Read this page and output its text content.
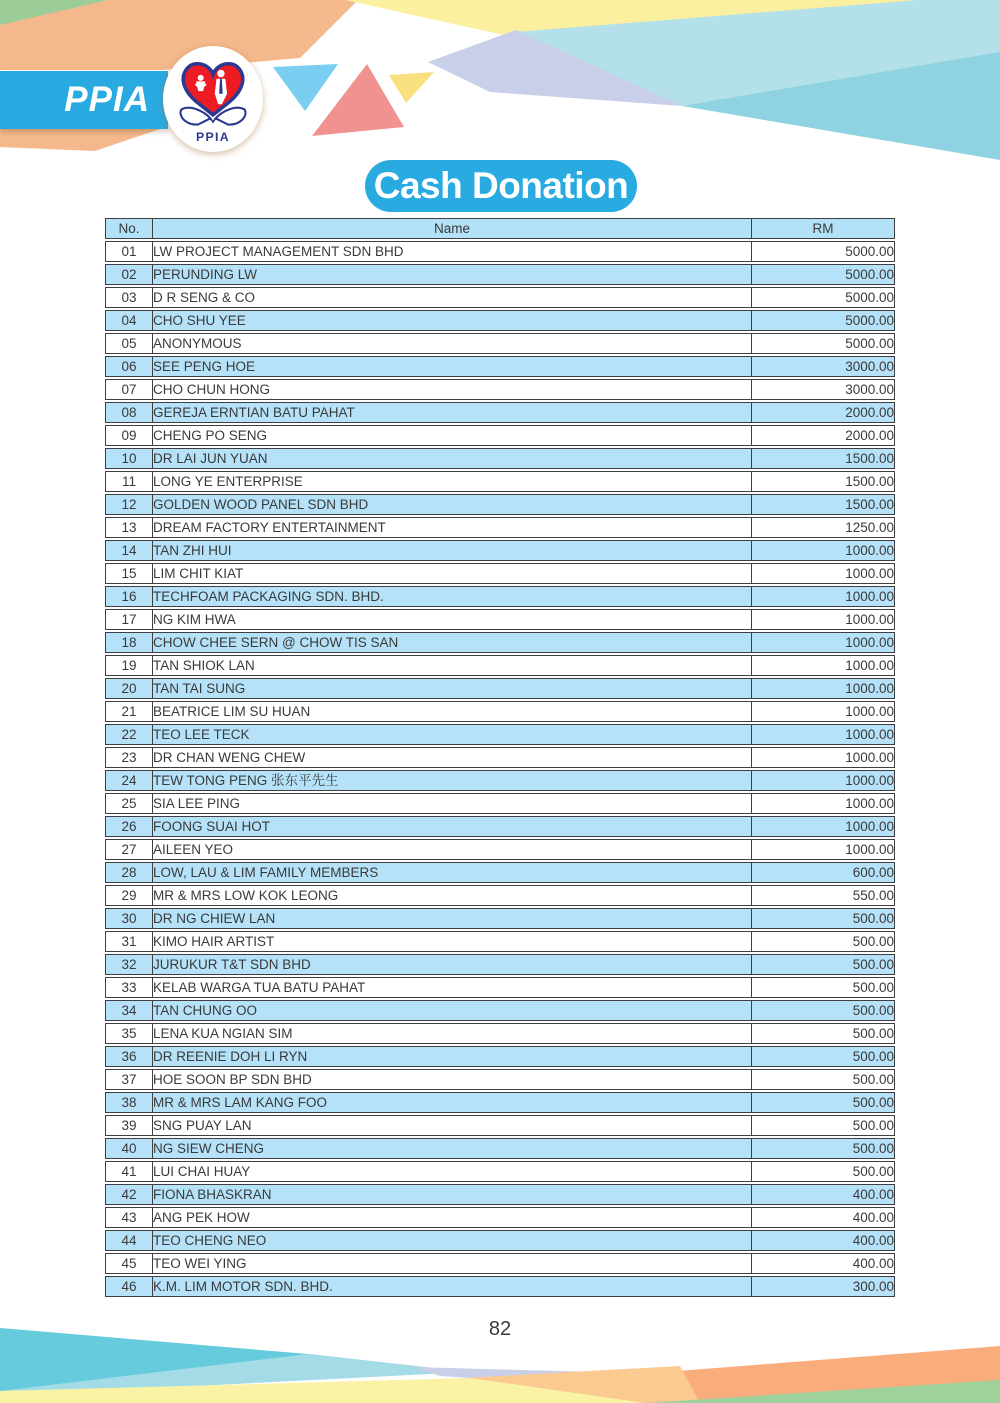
PPIA
PPIA
Cash Donation
No.	Name	RM
01	LW PROJECT MANAGEMENT SDN BHD	5000.00
02	PERUNDING LW	5000.00
03	D R SENG & CO	5000.00
04	CHO SHU YEE	5000.00
05	ANONYMOUS	5000.00
06	SEE PENG HOE	3000.00
07	CHO CHUN HONG	3000.00
08	GEREJA ERNTIAN BATU PAHAT	2000.00
09	CHENG PO SENG	2000.00
10	DR LAI JUN YUAN	1500.00
11	LONG YE ENTERPRISE	1500.00
12	GOLDEN WOOD PANEL SDN BHD	1500.00
13	DREAM FACTORY ENTERTAINMENT	1250.00
14	TAN ZHI HUI	1000.00
15	LIM CHIT KIAT	1000.00
16	TECHFOAM PACKAGING SDN. BHD.	1000.00
17	NG KIM HWA	1000.00
18	CHOW CHEE SERN @ CHOW TIS SAN	1000.00
19	TAN SHIOK LAN	1000.00
20	TAN TAI SUNG	1000.00
21	BEATRICE LIM SU HUAN	1000.00
22	TEO LEE TECK	1000.00
23	DR CHAN WENG CHEW	1000.00
24	TEW TONG PENG 张东平先生	1000.00
25	SIA LEE PING	1000.00
26	FOONG SUAI HOT	1000.00
27	AILEEN YEO	1000.00
28	LOW, LAU & LIM FAMILY MEMBERS	600.00
29	MR & MRS LOW KOK LEONG	550.00
30	DR NG CHIEW LAN	500.00
31	KIMO HAIR ARTIST	500.00
32	JURUKUR T&T SDN BHD	500.00
33	KELAB WARGA TUA BATU PAHAT	500.00
34	TAN CHUNG OO	500.00
35	LENA KUA NGIAN SIM	500.00
36	DR REENIE DOH LI RYN	500.00
37	HOE SOON BP SDN BHD	500.00
38	MR & MRS LAM KANG FOO	500.00
39	SNG PUAY LAN	500.00
40	NG SIEW CHENG	500.00
41	LUI CHAI HUAY	500.00
42	FIONA BHASKRAN	400.00
43	ANG PEK HOW	400.00
44	TEO CHENG NEO	400.00
45	TEO WEI YING	400.00
46	K.M. LIM MOTOR SDN. BHD.	300.00
82
